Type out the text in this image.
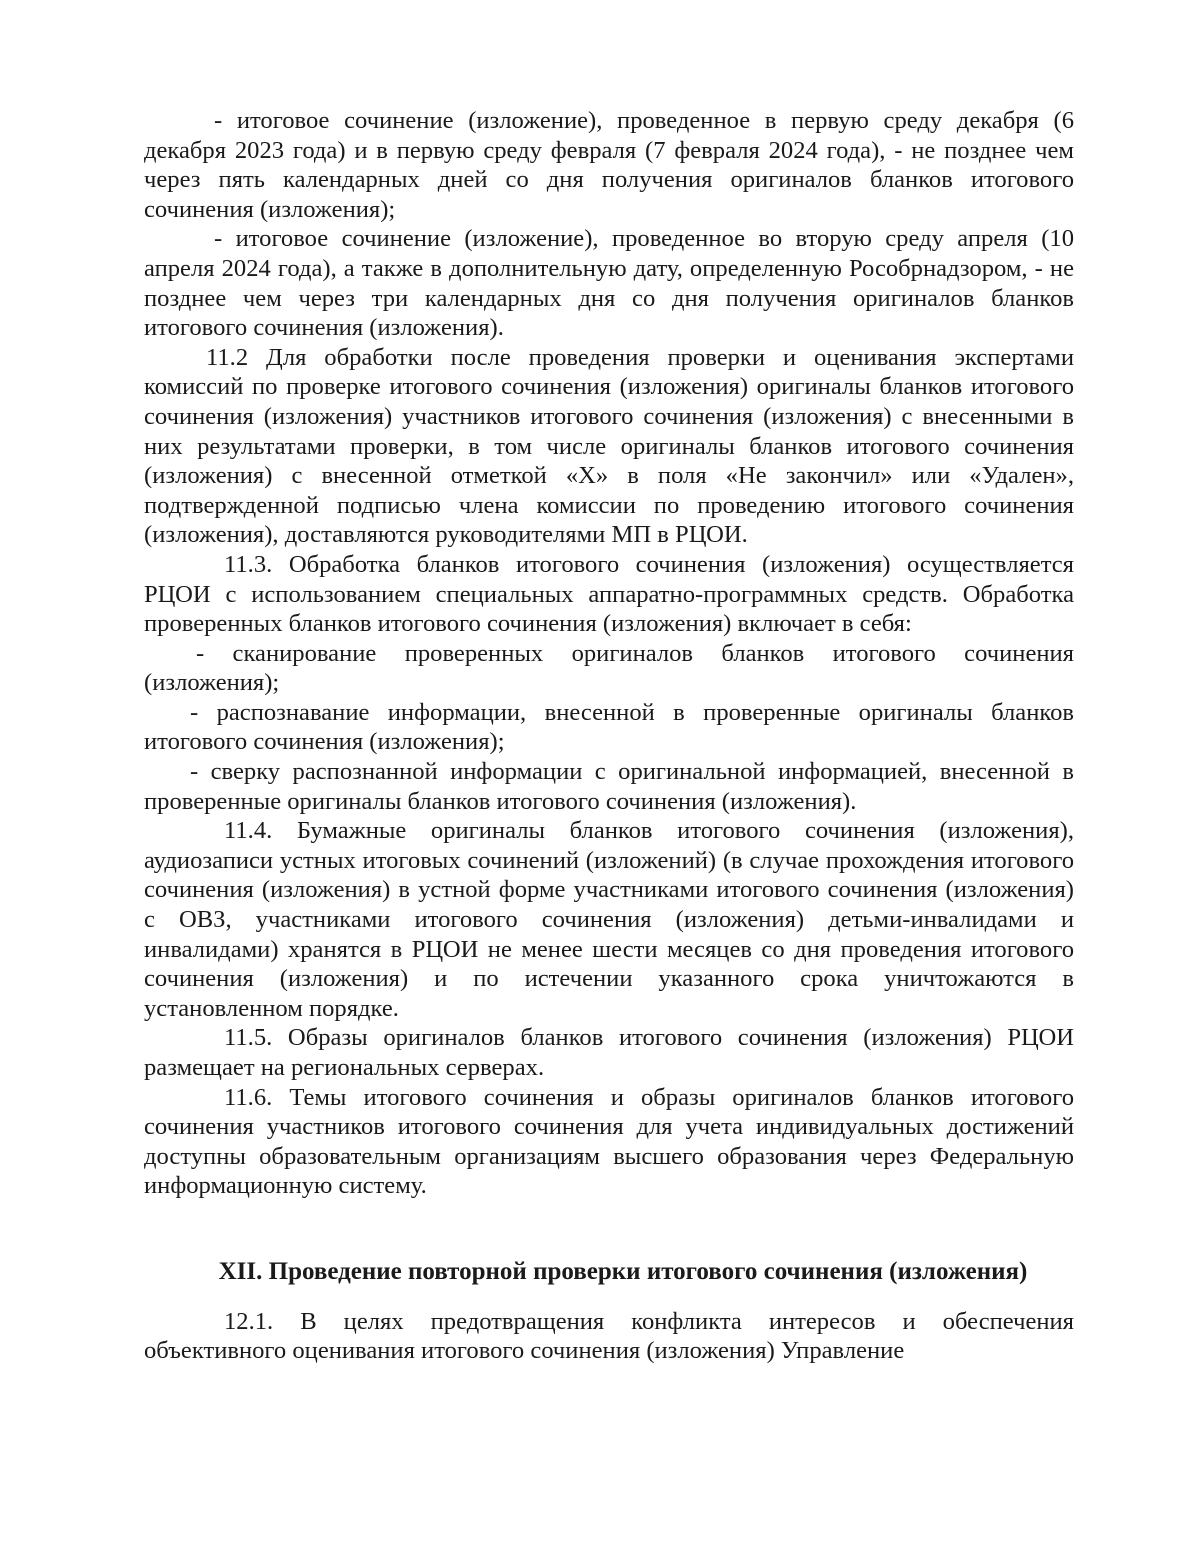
- итоговое сочинение (изложение), проведенное в первую среду декабря (6 декабря 2023 года) и в первую среду февраля (7 февраля 2024 года), - не позднее чем через пять календарных дней со дня получения оригиналов бланков итогового сочинения (изложения);

- итоговое сочинение (изложение), проведенное во вторую среду апреля (10 апреля 2024 года), а также в дополнительную дату, определенную Рособрнадзором, - не позднее чем через три календарных дня со дня получения оригиналов бланков итогового сочинения (изложения).

11.2 Для обработки после проведения проверки и оценивания экспертами комиссий по проверке итогового сочинения (изложения) оригиналы бланков итогового сочинения (изложения) участников итогового сочинения (изложения) с внесенными в них результатами проверки, в том числе оригиналы бланков итогового сочинения (изложения) с внесенной отметкой «Х» в поля «Не закончил» или «Удален», подтвержденной подписью члена комиссии по проведению итогового сочинения (изложения), доставляются руководителями МП в РЦОИ.

11.3. Обработка бланков итогового сочинения (изложения) осуществляется РЦОИ с использованием специальных аппаратно-программных средств. Обработка проверенных бланков итогового сочинения (изложения) включает в себя:

- сканирование проверенных оригиналов бланков итогового сочинения (изложения);

- распознавание информации, внесенной в проверенные оригиналы бланков итогового сочинения (изложения);

- сверку распознанной информации с оригинальной информацией, внесенной в проверенные оригиналы бланков итогового сочинения (изложения).

11.4. Бумажные оригиналы бланков итогового сочинения (изложения), аудиозаписи устных итоговых сочинений (изложений) (в случае прохождения итогового сочинения (изложения) в устной форме участниками итогового сочинения (изложения) с ОВЗ, участниками итогового сочинения (изложения) детьми-инвалидами и инвалидами) хранятся в РЦОИ не менее шести месяцев со дня проведения итогового сочинения (изложения) и по истечении указанного срока уничтожаются в установленном порядке.

11.5. Образы оригиналов бланков итогового сочинения (изложения) РЦОИ размещает на региональных серверах.

11.6. Темы итогового сочинения и образы оригиналов бланков итогового сочинения участников итогового сочинения для учета индивидуальных достижений доступны образовательным организациям высшего образования через Федеральную информационную систему.

XII. Проведение повторной проверки итогового сочинения (изложения)

12.1. В целях предотвращения конфликта интересов и обеспечения объективного оценивания итогового сочинения (изложения) Управление
